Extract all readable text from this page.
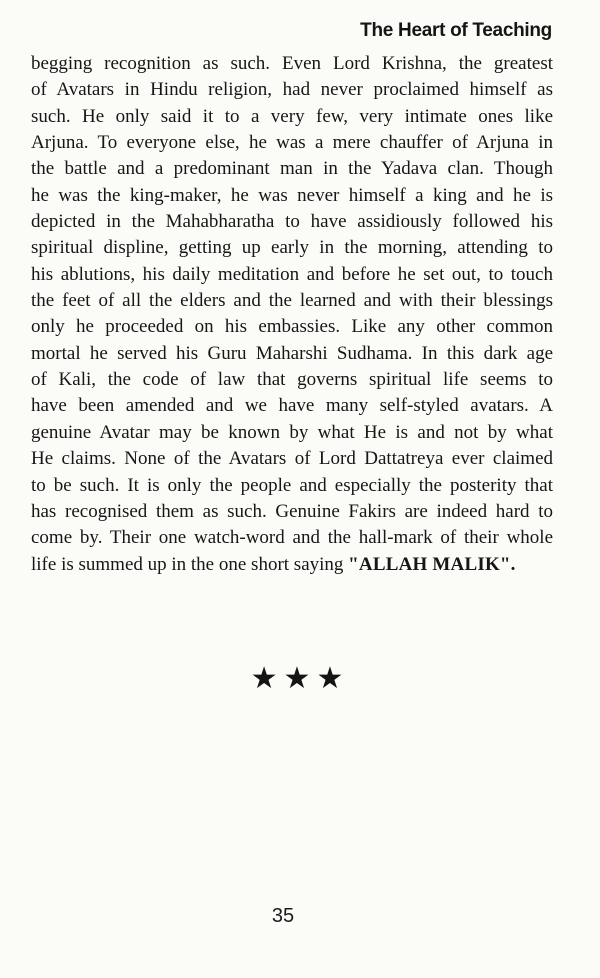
The Heart of Teaching
begging recognition as such. Even Lord Krishna, the greatest
of Avatars in Hindu religion, had never proclaimed himself as
such. He only said it to a very few, very intimate ones like
Arjuna. To everyone else, he was a mere chauffer of Arjuna in
the battle and a predominant man in the Yadava clan. Though
he was the king-maker, he was never himself a king and he is
depicted in the Mahabharatha to have assidiously followed his
spiritual displine, getting up early in the morning, attending to
his ablutions, his daily meditation and before he set out, to touch
the feet of all the elders and the learned and with their blessings
only he proceeded on his embassies. Like any other common
mortal he served his Guru Maharshi Sudhama. In this dark age
of Kali, the code of law that governs spiritual life seems to
have been amended and we have many self-styled avatars. A
genuine Avatar may be known by what He is and not by what
He claims. None of the Avatars of Lord Dattatreya ever claimed
to be such. It is only the people and especially the posterity that
has recognised them as such. Genuine Fakirs are indeed hard to
come by. Their one watch-word and the hall-mark of their whole
life is summed up in the one short saying "ALLAH MALIK".
★★★
35
